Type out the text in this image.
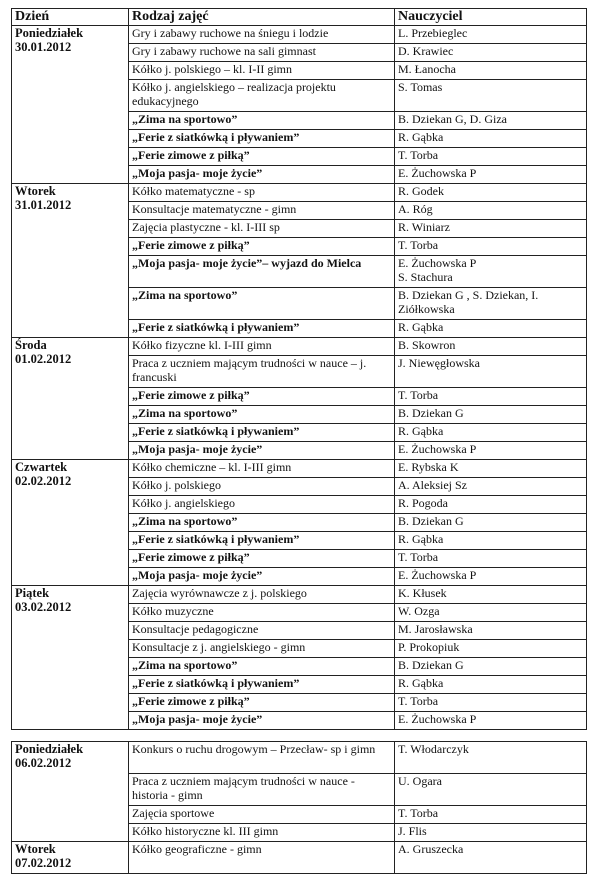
Dzień	Rodzaj zajęć	Nauczyciel

Poniedziałek
30.01.2012	Gry i zabawy ruchowe na śniegu i lodzie	L. Przebieglec
	Gry i zabawy ruchowe na sali gimnast	D. Krawiec
	Kółko j. polskiego – kl. I-II gimn	M. Łanocha
	Kółko j. angielskiego – realizacja projektu edukacyjnego	S. Tomas
	„Zima na sportowo”	B. Dziekan G, D. Giza
	„Ferie z siatkówką i pływaniem”	R. Gąbka
	„Ferie zimowe z piłką”	T. Torba
	„Moja pasja- moje życie”	E. Żuchowska P

Wtorek
31.01.2012	Kółko matematyczne - sp	R. Godek
	Konsultacje matematyczne - gimn	A. Róg
	Zajęcia plastyczne - kl. I-III sp	R. Winiarz
	„Ferie zimowe z piłką”	T. Torba
	„Moja pasja- moje życie”– wyjazd do Mielca	E. Żuchowska P
S. Stachura
	„Zima na sportowo”	B. Dziekan G , S. Dziekan, I. Ziółkowska
	„Ferie z siatkówką i pływaniem”	R. Gąbka

Środa
01.02.2012	Kółko fizyczne kl. I-III gimn	B. Skowron
	Praca z uczniem mającym trudności w nauce – j. francuski	J. Niewęgłowska
	„Ferie zimowe z piłką”	T. Torba
	„Zima na sportowo”	B. Dziekan G
	„Ferie z siatkówką i pływaniem”	R. Gąbka
	„Moja pasja- moje życie”	E. Żuchowska P

Czwartek
02.02.2012	Kółko chemiczne – kl. I-III gimn	E. Rybska K
	Kółko j. polskiego	A. Aleksiej Sz
	Kółko j. angielskiego	R. Pogoda
	„Zima na sportowo”	B. Dziekan G
	„Ferie z siatkówką i pływaniem”	R. Gąbka
	„Ferie zimowe z piłką”	T. Torba
	„Moja pasja- moje życie”	E. Żuchowska P

Piątek
03.02.2012	Zajęcia wyrównawcze z j. polskiego	K. Kłusek
	Kółko muzyczne	W. Ozga
	Konsultacje pedagogiczne	M. Jarosławska
	Konsultacje z j. angielskiego - gimn	P. Prokopiuk
	„Zima na sportowo”	B. Dziekan G
	„Ferie z siatkówką i pływaniem”	R. Gąbka
	„Ferie zimowe z piłką”	T. Torba
	„Moja pasja- moje życie”	E. Żuchowska P
Poniedziałek
06.02.2012	Konkurs o ruchu drogowym – Przecław- sp i gimn	T. Włodarczyk
	Praca z uczniem mającym trudności w nauce - historia - gimn	U. Ogara
	Zajęcia sportowe	T. Torba
	Kółko historyczne kl. III gimn	J. Flis

Wtorek
07.02.2012	Kółko geograficzne - gimn	A. Gruszecka
